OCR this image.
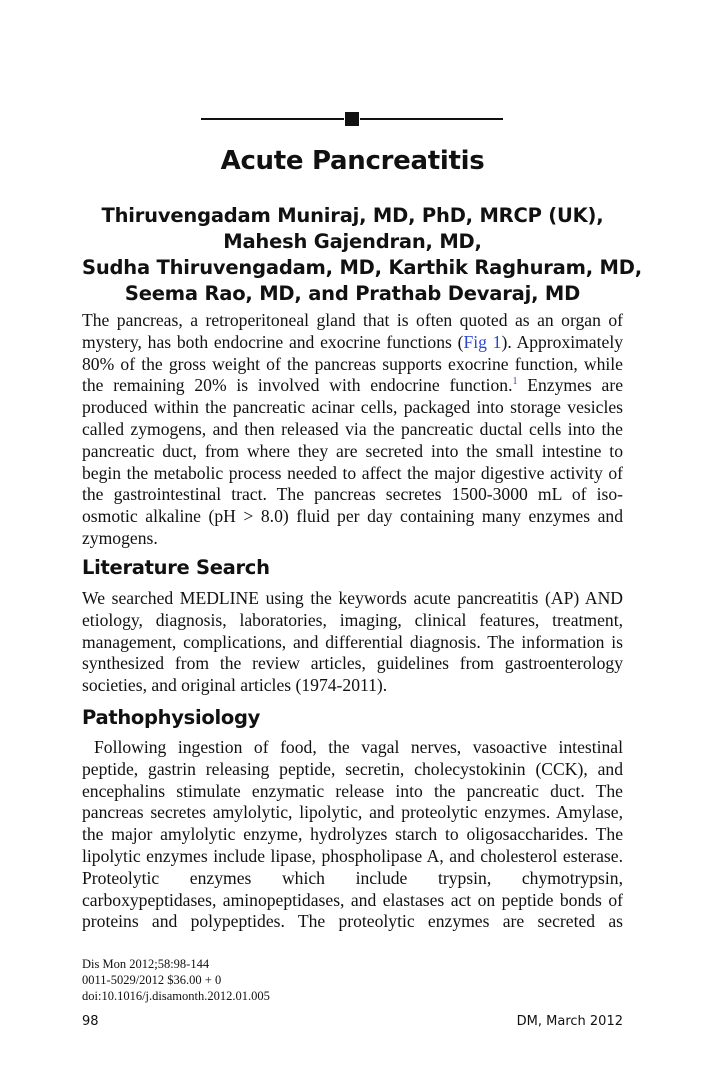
Acute Pancreatitis
Thiruvengadam Muniraj, MD, PhD, MRCP (UK),
Mahesh Gajendran, MD,
Sudha Thiruvengadam, MD, Karthik Raghuram, MD,
Seema Rao, MD, and Prathab Devaraj, MD

The pancreas, a retroperitoneal gland that is often quoted as an organ of mystery, has both endocrine and exocrine functions (Fig 1). Approximately 80% of the gross weight of the pancreas supports exocrine function, while the remaining 20% is involved with endocrine function.$^1$ Enzymes are produced within the pancreatic acinar cells, packaged into storage vesicles called zymogens, and then released via the pancreatic ductal cells into the pancreatic duct, from where they are secreted into the small intestine to begin the metabolic process needed to affect the major digestive activity of the gastrointestinal tract. The pancreas secretes 1500-3000 mL of iso-osmotic alkaline (pH > 8.0) fluid per day containing many enzymes and zymogens.

Literature Search

We searched MEDLINE using the keywords acute pancreatitis (AP) AND etiology, diagnosis, laboratories, imaging, clinical features, treatment, management, complications, and differential diagnosis. The information is synthesized from the review articles, guidelines from gastroenterology societies, and original articles (1974-2011).

Pathophysiology

Following ingestion of food, the vagal nerves, vasoactive intestinal peptide, gastrin releasing peptide, secretin, cholecystokinin (CCK), and encephalins stimulate enzymatic release into the pancreatic duct. The pancreas secretes amylolytic, lipolytic, and proteolytic enzymes. Amylase, the major amylolytic enzyme, hydrolyzes starch to oligosaccharides. The lipolytic enzymes include lipase, phospholipase A, and cholesterol esterase. Proteolytic enzymes which include trypsin, chymotrypsin, carboxypeptidases, aminopeptidases, and elastases act on peptide bonds of proteins and polypeptides. The proteolytic enzymes are secreted as

Dis Mon 2012;58:98-144
0011-5029/2012 $36.00 + 0
doi:10.1016/j.disamonth.2012.01.005
98	DM, March 2012
